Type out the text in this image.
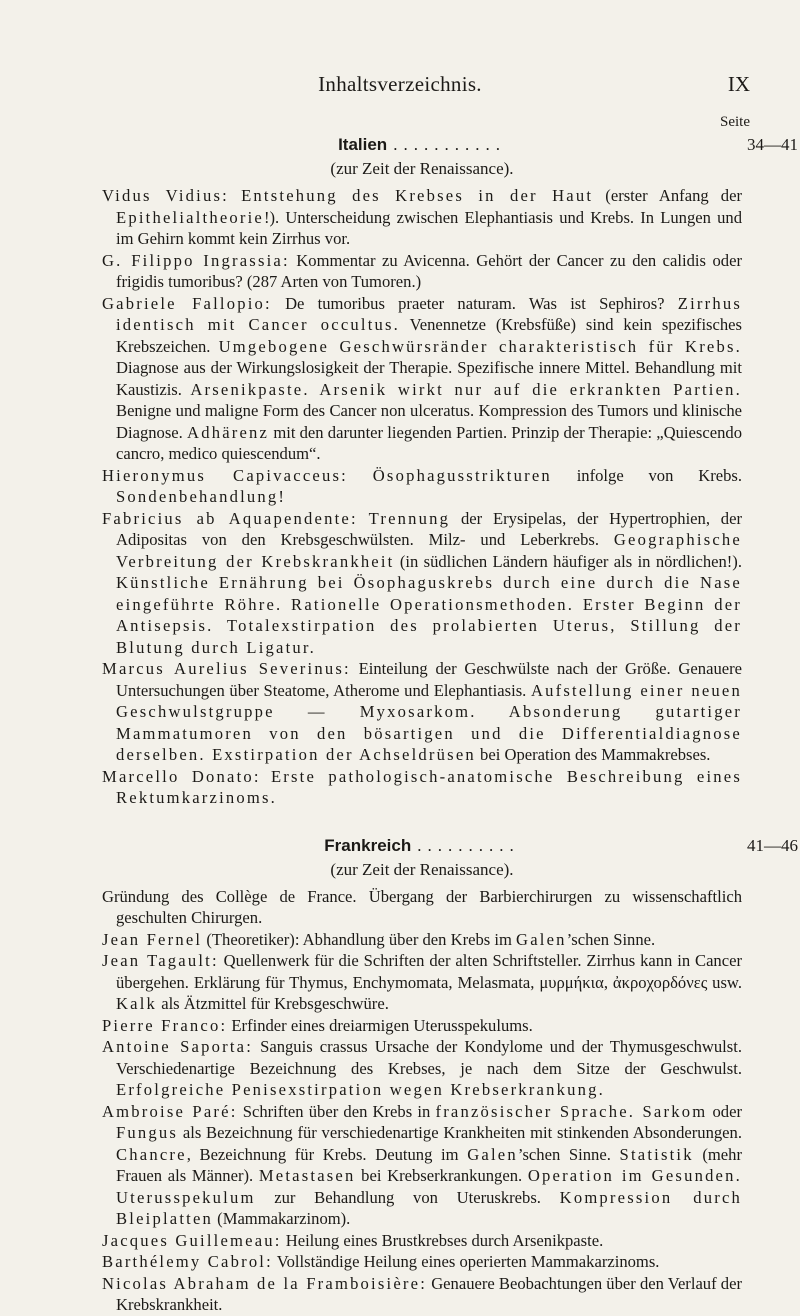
Inhaltsverzeichnis.	IX
Seite
Italien ...........	34—41
(zur Zeit der Renaissance).

Vidus Vidius: Entstehung des Krebses in der Haut (erster Anfang der Epithelialtheorie!). Unterscheidung zwischen Elephantiasis und Krebs. In Lungen und im Gehirn kommt kein Zirrhus vor.

G. Filippo Ingrassia: Kommentar zu Avicenna. Gehört der Cancer zu den calidis oder frigidis tumoribus? (287 Arten von Tumoren.)

Gabriele Fallopio: De tumoribus praeter naturam. Was ist Sephiros? Zirrhus identisch mit Cancer occultus. Venennetze (Krebsfüße) sind kein spezifisches Krebszeichen. Umgebogene Geschwürsränder charakteristisch für Krebs. Diagnose aus der Wirkungslosigkeit der Therapie. Spezifische innere Mittel. Behandlung mit Kaustizis. Arsenikpaste. Arsenik wirkt nur auf die erkrankten Partien. Benigne und maligne Form des Cancer non ulceratus. Kompression des Tumors und klinische Diagnose. Adhärenz mit den darunter liegenden Partien. Prinzip der Therapie: „Quiescendo cancro, medico quiescendum“.

Hieronymus Capivacceus: Ösophagusstrikturen infolge von Krebs. Sondenbehandlung!

Fabricius ab Aquapendente: Trennung der Erysipelas, der Hypertrophien, der Adipositas von den Krebsgeschwülsten. Milz- und Leberkrebs. Geographische Verbreitung der Krebskrankheit (in südlichen Ländern häufiger als in nördlichen!). Künstliche Ernährung bei Ösophaguskrebs durch eine durch die Nase eingeführte Röhre. Rationelle Operationsmethoden. Erster Beginn der Antisepsis. Totalexstirpation des prolabierten Uterus, Stillung der Blutung durch Ligatur.

Marcus Aurelius Severinus: Einteilung der Geschwülste nach der Größe. Genauere Untersuchungen über Steatome, Atherome und Elephantiasis. Aufstellung einer neuen Geschwulstgruppe — Myxosarkom. Absonderung gutartiger Mammatumoren von den bösartigen und die Differentialdiagnose derselben. Exstirpation der Achseldrüsen bei Operation des Mammakrebses.

Marcello Donato: Erste pathologisch-anatomische Beschreibung eines Rektumkarzinoms.

Frankreich ..........	41—46
(zur Zeit der Renaissance).

Gründung des Collège de France. Übergang der Barbierchirurgen zu wissenschaftlich geschulten Chirurgen.

Jean Fernel (Theoretiker): Abhandlung über den Krebs im Galen’schen Sinne.

Jean Tagault: Quellenwerk für die Schriften der alten Schriftsteller. Zirrhus kann in Cancer übergehen. Erklärung für Thymus, Enchymomata, Melasmata, μυρμήκια, ἀκροχορδόνες usw. Kalk als Ätzmittel für Krebsgeschwüre.

Pierre Franco: Erfinder eines dreiarmigen Uterusspekulums.

Antoine Saporta: Sanguis crassus Ursache der Kondylome und der Thymusgeschwulst. Verschiedenartige Bezeichnung des Krebses, je nach dem Sitze der Geschwulst. Erfolgreiche Penisexstirpation wegen Krebserkrankung.

Ambroise Paré: Schriften über den Krebs in französischer Sprache. Sarkom oder Fungus als Bezeichnung für verschiedenartige Krankheiten mit stinkenden Absonderungen. Chancre, Bezeichnung für Krebs. Deutung im Galen’schen Sinne. Statistik (mehr Frauen als Männer). Metastasen bei Krebserkrankungen. Operation im Gesunden. Uterusspekulum zur Behandlung von Uteruskrebs. Kompression durch Bleiplatten (Mammakarzinom).

Jacques Guillemeau: Heilung eines Brustkrebses durch Arsenikpaste.

Barthélemy Cabrol: Vollständige Heilung eines operierten Mammakarzinoms.

Nicolas Abraham de la Framboisière: Genauere Beobachtungen über den Verlauf der Krebskrankheit.
